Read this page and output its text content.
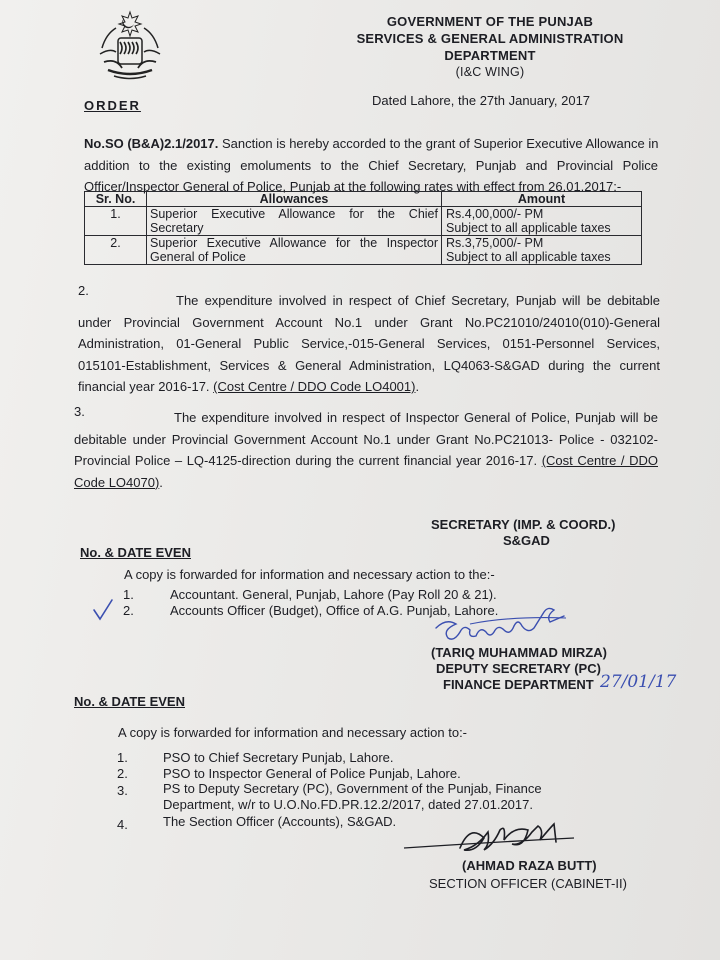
GOVERNMENT OF THE PUNJAB
SERVICES & GENERAL ADMINISTRATION
DEPARTMENT
(I&C WING)
ORDER	Dated Lahore, the 27th January, 2017
No.SO (B&A)2.1/2017. Sanction is hereby accorded to the grant of Superior Executive Allowance in
addition to the existing emoluments to the Chief Secretary, Punjab and Provincial Police
Officer/Inspector General of Police, Punjab at the following rates with effect from 26.01.2017:-
Sr. No.	Allowances	Amount
1.	Superior Executive Allowance for the Chief Secretary	Rs.4,00,000/- PM
Subject to all applicable taxes

2.	Superior Executive Allowance for the Inspector General of Police	Rs.3,75,000/- PM
Subject to all applicable taxes
2.
The expenditure involved in respect of Chief Secretary, Punjab will be debitable
under Provincial Government Account No.1 under Grant No.PC21010/24010(010)-General
Administration, 01-General Public Service,-015-General Services, 0151-Personnel Services,
015101-Establishment, Services & General Administration, LQ4063-S&GAD during the current
financial year 2016-17. (Cost Centre / DDO Code LO4001).
3.	The expenditure involved in respect of Inspector General of Police, Punjab will be
debitable under Provincial Government Account No.1 under Grant No.PC21013- Police - 032102-
Provincial Police – LQ-4125-direction during the current financial year 2016-17. (Cost Centre / DDO
Code LO4070).
SECRETARY (IMP. & COORD.)
S&GAD
No. & DATE EVEN
A copy is forwarded for information and necessary action to the:-
1.	Accountant. General, Punjab, Lahore (Pay Roll 20 & 21).
2.	Accounts Officer (Budget), Office of A.G. Punjab, Lahore.
(TARIQ MUHAMMAD MIRZA)
DEPUTY SECRETARY (PC)
FINANCE DEPARTMENT 27/01/17
No. & DATE EVEN
A copy is forwarded for information and necessary action to:-
1.	PSO to Chief Secretary Punjab, Lahore.
2.	PSO to Inspector General of Police Punjab, Lahore.
3.	PS to Deputy Secretary (PC), Government of the Punjab, Finance
Department, w/r to U.O.No.FD.PR.12.2/2017, dated 27.01.2017.
4.	The Section Officer (Accounts), S&GAD.
(AHMAD RAZA BUTT)
SECTION OFFICER (CABINET-II)
